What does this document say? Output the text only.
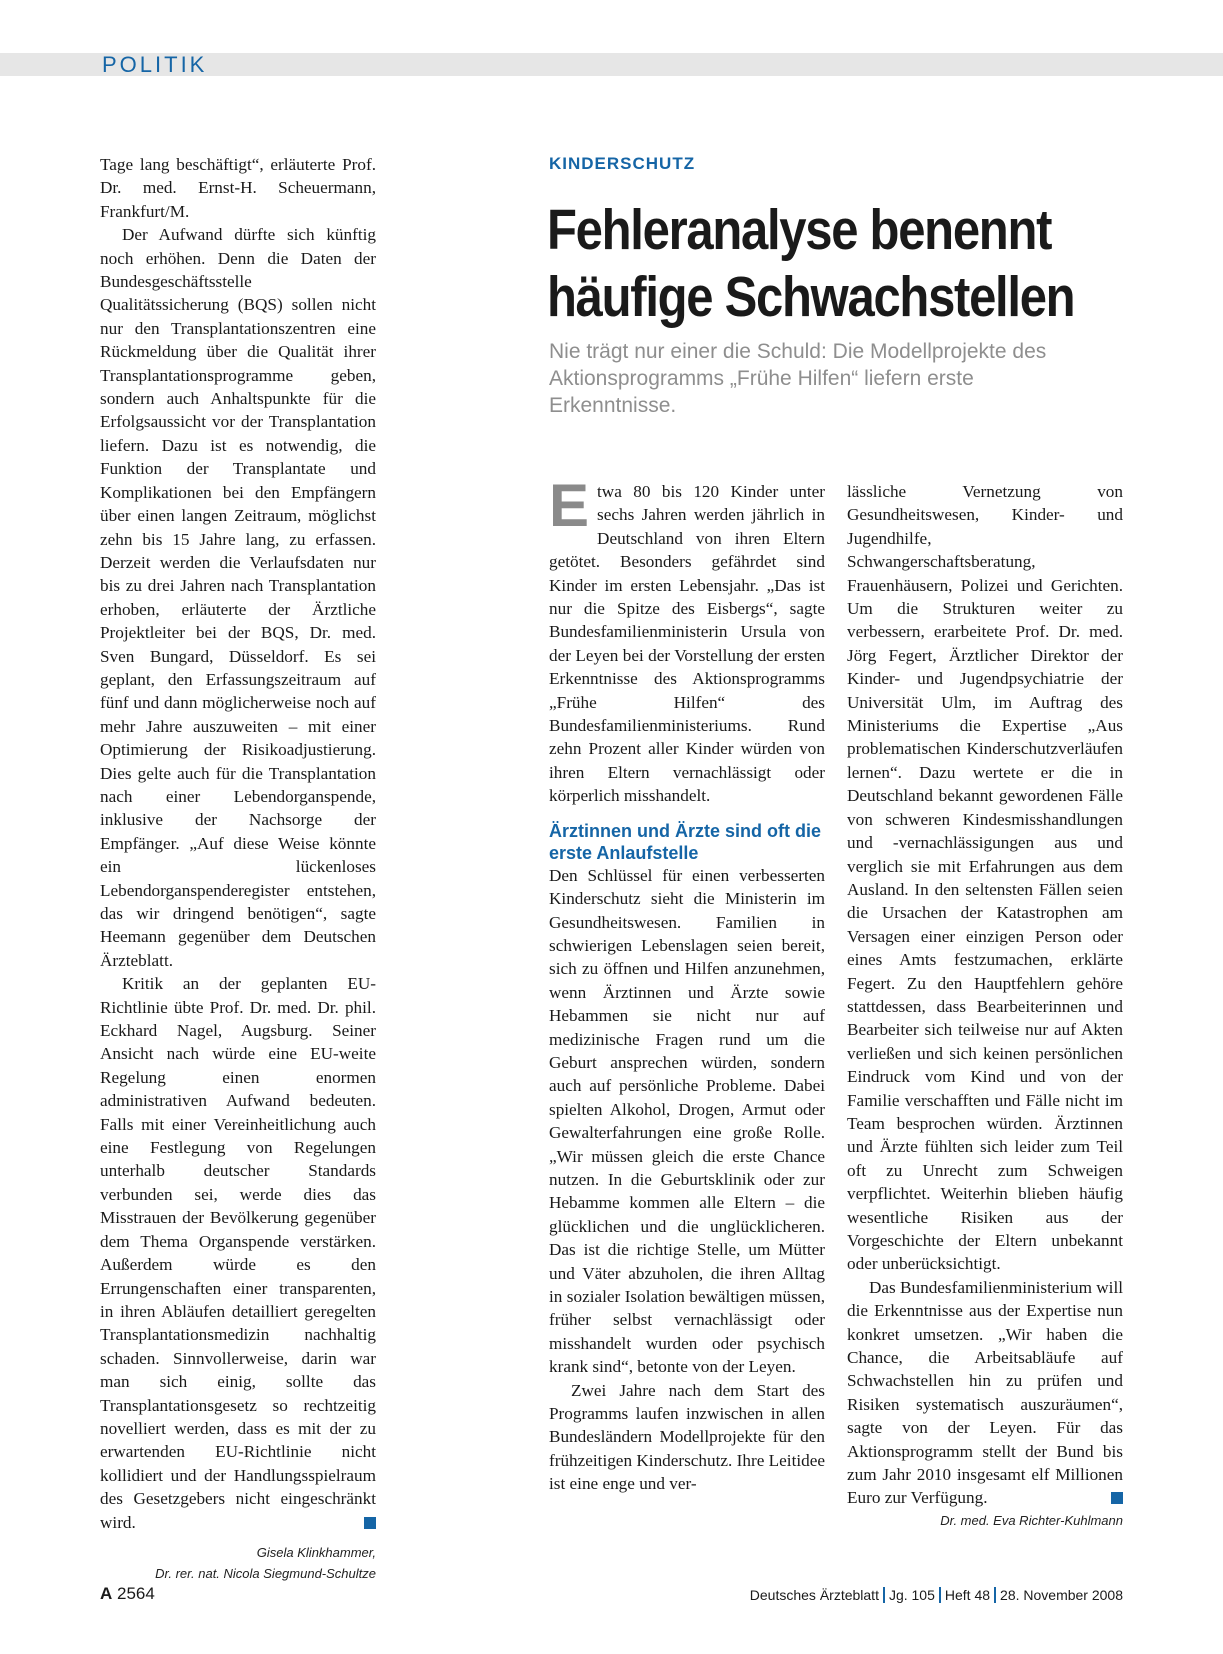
POLITIK

Tage lang beschäftigt“, erläuterte Prof. Dr. med. Ernst-H. Scheuermann, Frankfurt/M.

Der Aufwand dürfte sich künftig noch erhöhen. Denn die Daten der Bundesgeschäftsstelle Qualitätssicherung (BQS) sollen nicht nur den Transplantationszentren eine Rückmeldung über die Qualität ihrer Transplantationsprogramme geben, sondern auch Anhaltspunkte für die Erfolgsaussicht vor der Transplantation liefern. Dazu ist es notwendig, die Funktion der Transplantate und Komplikationen bei den Empfängern über einen langen Zeitraum, möglichst zehn bis 15 Jahre lang, zu erfassen. Derzeit werden die Verlaufsdaten nur bis zu drei Jahren nach Transplantation erhoben, erläuterte der Ärztliche Projektleiter bei der BQS, Dr. med. Sven Bungard, Düsseldorf. Es sei geplant, den Erfassungszeitraum auf fünf und dann möglicherweise noch auf mehr Jahre auszuweiten – mit einer Optimierung der Risikoadjustierung. Dies gelte auch für die Transplantation nach einer Lebendorganspende, inklusive der Nachsorge der Empfänger. „Auf diese Weise könnte ein lückenloses Lebendorganspenderegister entstehen, das wir dringend benötigen“, sagte Heemann gegenüber dem Deutschen Ärzteblatt.

Kritik an der geplanten EU-Richtlinie übte Prof. Dr. med. Dr. phil. Eckhard Nagel, Augsburg. Seiner Ansicht nach würde eine EU-weite Regelung einen enormen administrativen Aufwand bedeuten. Falls mit einer Vereinheitlichung auch eine Festlegung von Regelungen unterhalb deutscher Standards verbunden sei, werde dies das Misstrauen der Bevölkerung gegenüber dem Thema Organspende verstärken. Außerdem würde es den Errungenschaften einer transparenten, in ihren Abläufen detailliert geregelten Transplantationsmedizin nachhaltig schaden. Sinnvollerweise, darin war man sich einig, sollte das Transplantationsgesetz so rechtzeitig novelliert werden, dass es mit der zu erwartenden EU-Richtlinie nicht kollidiert und der Handlungsspielraum des Gesetzgebers nicht eingeschränkt wird.

Gisela Klinkhammer,
Dr. rer. nat. Nicola Siegmund-Schultze
KINDERSCHUTZ
Fehleranalyse benennt
häufige Schwachstellen
Nie trägt nur einer die Schuld: Die Modellprojekte des Aktionsprogramms „Frühe Hilfen“ liefern erste Erkenntnisse.

Etwa 80 bis 120 Kinder unter sechs Jahren werden jährlich in Deutschland von ihren Eltern getötet. Besonders gefährdet sind Kinder im ersten Lebensjahr. „Das ist nur die Spitze des Eisbergs“, sagte Bundesfamilienministerin Ursula von der Leyen bei der Vorstellung der ersten Erkenntnisse des Aktionsprogramms „Frühe Hilfen“ des Bundesfamilienministeriums. Rund zehn Prozent aller Kinder würden von ihren Eltern vernachlässigt oder körperlich misshandelt.

Ärztinnen und Ärzte sind oft die erste Anlaufstelle

Den Schlüssel für einen verbesserten Kinderschutz sieht die Ministerin im Gesundheitswesen. Familien in schwierigen Lebenslagen seien bereit, sich zu öffnen und Hilfen anzunehmen, wenn Ärztinnen und Ärzte sowie Hebammen sie nicht nur auf medizinische Fragen rund um die Geburt ansprechen würden, sondern auch auf persönliche Probleme. Dabei spielten Alkohol, Drogen, Armut oder Gewalterfahrungen eine große Rolle. „Wir müssen gleich die erste Chance nutzen. In die Geburtsklinik oder zur Hebamme kommen alle Eltern – die glücklichen und die unglücklicheren. Das ist die richtige Stelle, um Mütter und Väter abzuholen, die ihren Alltag in sozialer Isolation bewältigen müssen, früher selbst vernachlässigt oder misshandelt wurden oder psychisch krank sind“, betonte von der Leyen.

Zwei Jahre nach dem Start des Programms laufen inzwischen in allen Bundesländern Modellprojekte für den frühzeitigen Kinderschutz. Ihre Leitidee ist eine enge und ver-

lässliche Vernetzung von Gesundheitswesen, Kinder- und Jugendhilfe, Schwangerschaftsberatung, Frauenhäusern, Polizei und Gerichten. Um die Strukturen weiter zu verbessern, erarbeitete Prof. Dr. med. Jörg Fegert, Ärztlicher Direktor der Kinder- und Jugendpsychiatrie der Universität Ulm, im Auftrag des Ministeriums die Expertise „Aus problematischen Kinderschutzverläufen lernen“. Dazu wertete er die in Deutschland bekannt gewordenen Fälle von schweren Kindesmisshandlungen und -vernachlässigungen aus und verglich sie mit Erfahrungen aus dem Ausland. In den seltensten Fällen seien die Ursachen der Katastrophen am Versagen einer einzigen Person oder eines Amts festzumachen, erklärte Fegert. Zu den Hauptfehlern gehöre stattdessen, dass Bearbeiterinnen und Bearbeiter sich teilweise nur auf Akten verließen und sich keinen persönlichen Eindruck vom Kind und von der Familie verschafften und Fälle nicht im Team besprochen würden. Ärztinnen und Ärzte fühlten sich leider zum Teil oft zu Unrecht zum Schweigen verpflichtet. Weiterhin blieben häufig wesentliche Risiken aus der Vorgeschichte der Eltern unbekannt oder unberücksichtigt.

Das Bundesfamilienministerium will die Erkenntnisse aus der Expertise nun konkret umsetzen. „Wir haben die Chance, die Arbeitsabläufe auf Schwachstellen hin zu prüfen und Risiken systematisch auszuräumen“, sagte von der Leyen. Für das Aktionsprogramm stellt der Bund bis zum Jahr 2010 insgesamt elf Millionen Euro zur Verfügung.

Dr. med. Eva Richter-Kuhlmann
A 2564	Deutsches Ärzteblatt Jg. 105 Heft 48 28. November 2008
